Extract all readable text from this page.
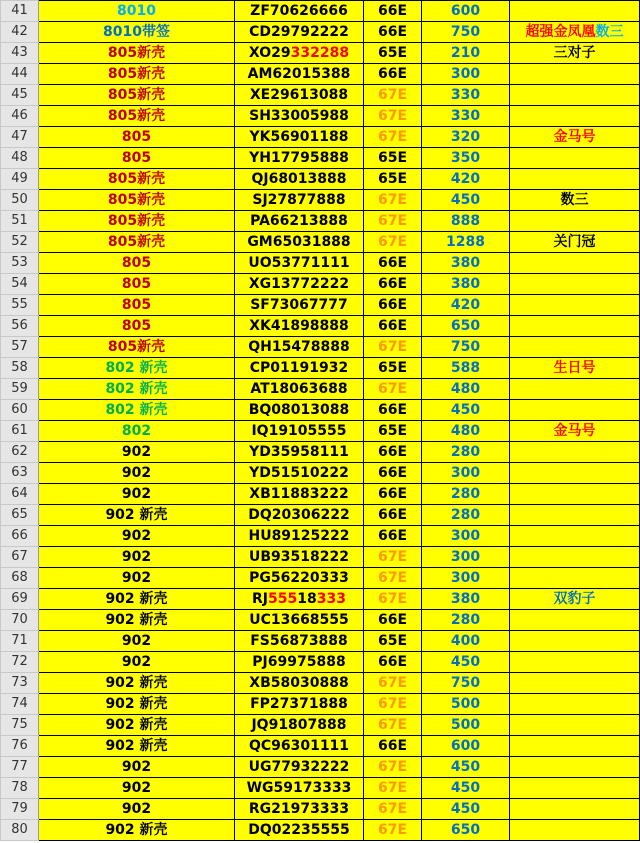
41	8010	ZF70626666	66E	600	
42	8010带签	CD29792222	66E	750	超强金凤凰数三
43	805新壳	XO29332288	65E	210	三对子
44	805新壳	AM62015388	66E	300	
45	805新壳	XE29613088	67E	330	
46	805新壳	SH33005988	67E	330	
47	805	YK56901188	67E	320	金马号
48	805	YH17795888	65E	350	
49	805新壳	QJ68013888	65E	420	
50	805新壳	SJ27877888	67E	450	数三
51	805新壳	PA66213888	67E	888	
52	805新壳	GM65031888	67E	1288	关门冠
53	805	UO53771111	66E	380	
54	805	XG13772222	66E	380	
55	805	SF73067777	66E	420	
56	805	XK41898888	66E	650	
57	805新壳	QH15478888	67E	750	
58	802 新壳	CP01191932	65E	588	生日号
59	802 新壳	AT18063688	67E	480	
60	802 新壳	BQ08013088	66E	450	
61	802	IQ19105555	65E	480	金马号
62	902	YD35958111	66E	280	
63	902	YD51510222	66E	300	
64	902	XB11883222	66E	280	
65	902 新壳	DQ20306222	66E	280	
66	902	HU89125222	66E	300	
67	902	UB93518222	67E	300	
68	902	PG56220333	67E	300	
69	902 新壳	RJ55518333	67E	380	双豹子
70	902 新壳	UC13668555	66E	280	
71	902	FS56873888	65E	400	
72	902	PJ69975888	66E	450	
73	902 新壳	XB58030888	67E	750	
74	902 新壳	FP27371888	67E	500	
75	902 新壳	JQ91807888	67E	500	
76	902 新壳	QC96301111	66E	600	
77	902	UG77932222	67E	450	
78	902	WG59173333	67E	450	
79	902	RG21973333	67E	450	
80	902 新壳	DQ02235555	67E	650	
